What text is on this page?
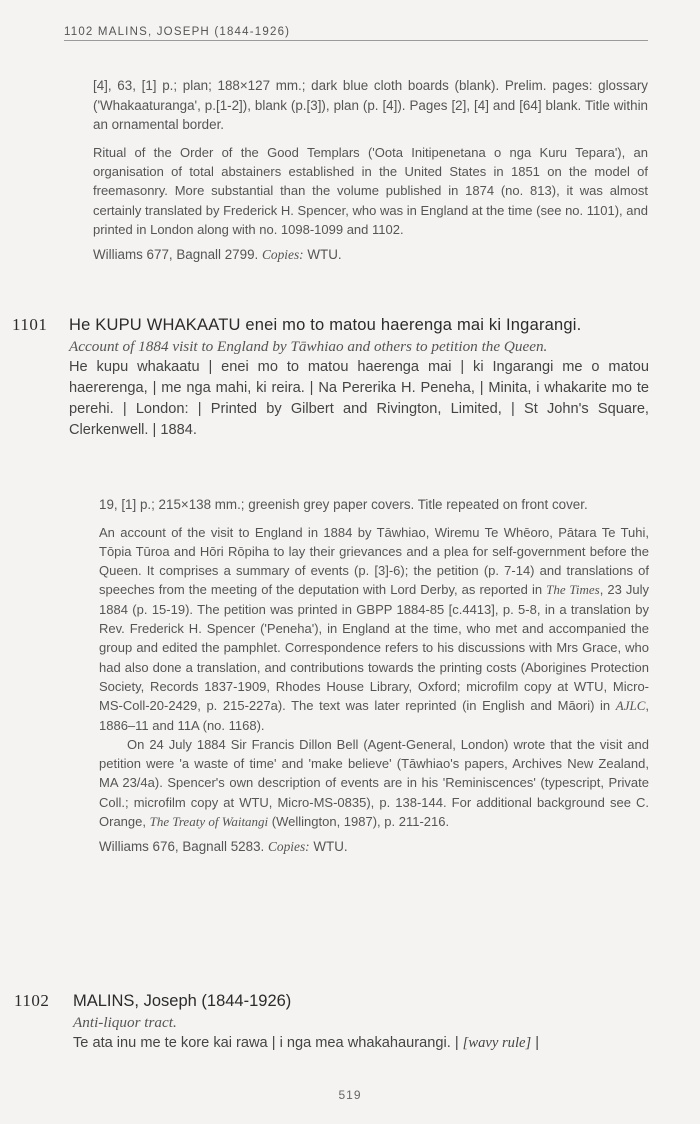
1102 MALINS, JOSEPH (1844-1926)

[4], 63, [1] p.; plan; 188×127 mm.; dark blue cloth boards (blank). Prelim. pages: glossary ('Whakaaturanga', p.[1-2]), blank (p.[3]), plan (p. [4]). Pages [2], [4] and [64] blank. Title within an ornamental border.

Ritual of the Order of the Good Templars ('Oota Initipenetana o nga Kuru Tepara'), an organisation of total abstainers established in the United States in 1851 on the model of freemasonry. More substantial than the volume published in 1874 (no. 813), it was almost certainly translated by Frederick H. Spencer, who was in England at the time (see no. 1101), and printed in London along with no. 1098-1099 and 1102.

Williams 677, Bagnall 2799. Copies: WTU.

1101 He KUPU WHAKAATU enei mo to matou haerenga mai ki Ingarangi.

Account of 1884 visit to England by Tāwhiao and others to petition the Queen.

He kupu whakaatu | enei mo to matou haerenga mai | ki Ingarangi me o matou haererenga, | me nga mahi, ki reira. | Na Pererika H. Peneha, | Minita, i whakarite mo te perehi. | London: | Printed by Gilbert and Rivington, Limited, | St John's Square, Clerkenwell. | 1884.

19, [1] p.; 215×138 mm.; greenish grey paper covers. Title repeated on front cover.

An account of the visit to England in 1884 by Tāwhiao, Wiremu Te Whēoro, Pātara Te Tuhi, Tōpia Tūroa and Hōri Rōpiha to lay their grievances and a plea for self-government before the Queen. It comprises a summary of events (p. [3]-6); the petition (p. 7-14) and translations of speeches from the meeting of the deputation with Lord Derby, as reported in The Times, 23 July 1884 (p. 15-19). The petition was printed in GBPP 1884-85 [c.4413], p. 5-8, in a translation by Rev. Frederick H. Spencer ('Peneha'), in England at the time, who met and accompanied the group and edited the pamphlet. Correspondence refers to his discussions with Mrs Grace, who had also done a translation, and contributions towards the printing costs (Aborigines Protection Society, Records 1837-1909, Rhodes House Library, Oxford; microfilm copy at WTU, Micro-MS-Coll-20-2429, p. 215-227a). The text was later reprinted (in English and Māori) in AJLC, 1886–11 and 11A (no. 1168).

On 24 July 1884 Sir Francis Dillon Bell (Agent-General, London) wrote that the visit and petition were 'a waste of time' and 'make believe' (Tāwhiao's papers, Archives New Zealand, MA 23/4a). Spencer's own description of events are in his 'Reminiscences' (typescript, Private Coll.; microfilm copy at WTU, Micro-MS-0835), p. 138-144. For additional background see C. Orange, The Treaty of Waitangi (Wellington, 1987), p. 211-216.

Williams 676, Bagnall 5283. Copies: WTU.

1102 MALINS, Joseph (1844-1926)

Anti-liquor tract.

Te ata inu me te kore kai rawa | i nga mea whakahaurangi. | [wavy rule] |

519
